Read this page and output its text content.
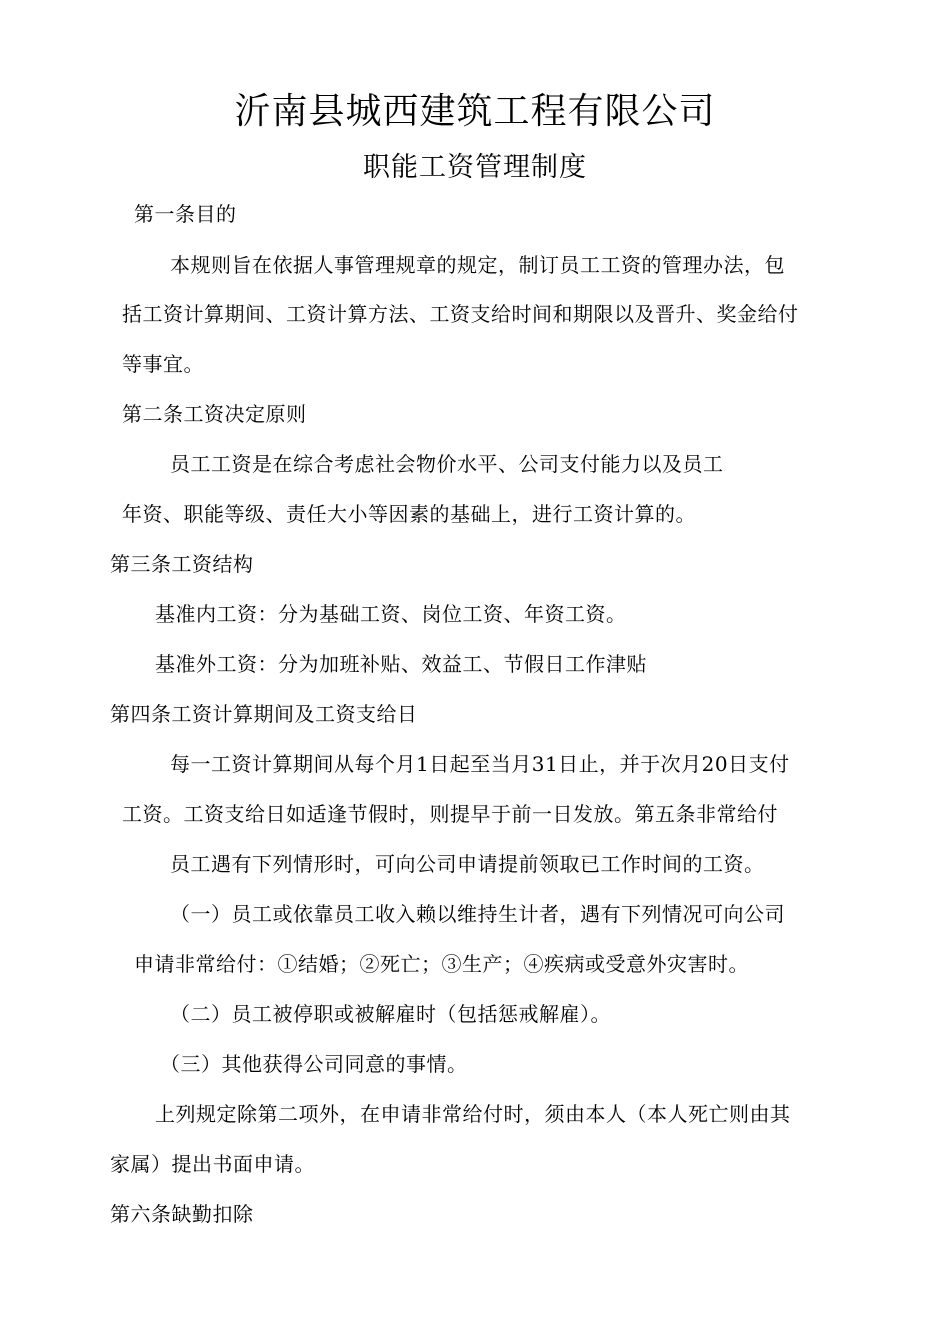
沂南县城西建筑工程有限公司
职能工资管理制度
第一条目的
本规则旨在依据人事管理规章的规定，制订员工工资的管理办法，包
括工资计算期间、工资计算方法、工资支给时间和期限以及晋升、奖金给付
等事宜。
第二条工资决定原则
员工工资是在综合考虑社会物价水平、公司支付能力以及员工
年资、职能等级、责任大小等因素的基础上，进行工资计算的。
第三条工资结构
基准内工资：分为基础工资、岗位工资、年资工资。
基准外工资：分为加班补贴、效益工、节假日工作津贴
第四条工资计算期间及工资支给日
每一工资计算期间从每个月1日起至当月31日止，并于次月20日支付
工资。工资支给日如适逢节假时，则提早于前一日发放。第五条非常给付
员工遇有下列情形时，可向公司申请提前领取已工作时间的工资。
（一）员工或依靠员工收入赖以维持生计者，遇有下列情况可向公司
申请非常给付：①结婚；②死亡；③生产；④疾病或受意外灾害时。
（二）员工被停职或被解雇时（包括惩戒解雇）。
（三）其他获得公司同意的事情。
上列规定除第二项外，在申请非常给付时，须由本人（本人死亡则由其
家属）提出书面申请。
第六条缺勤扣除
